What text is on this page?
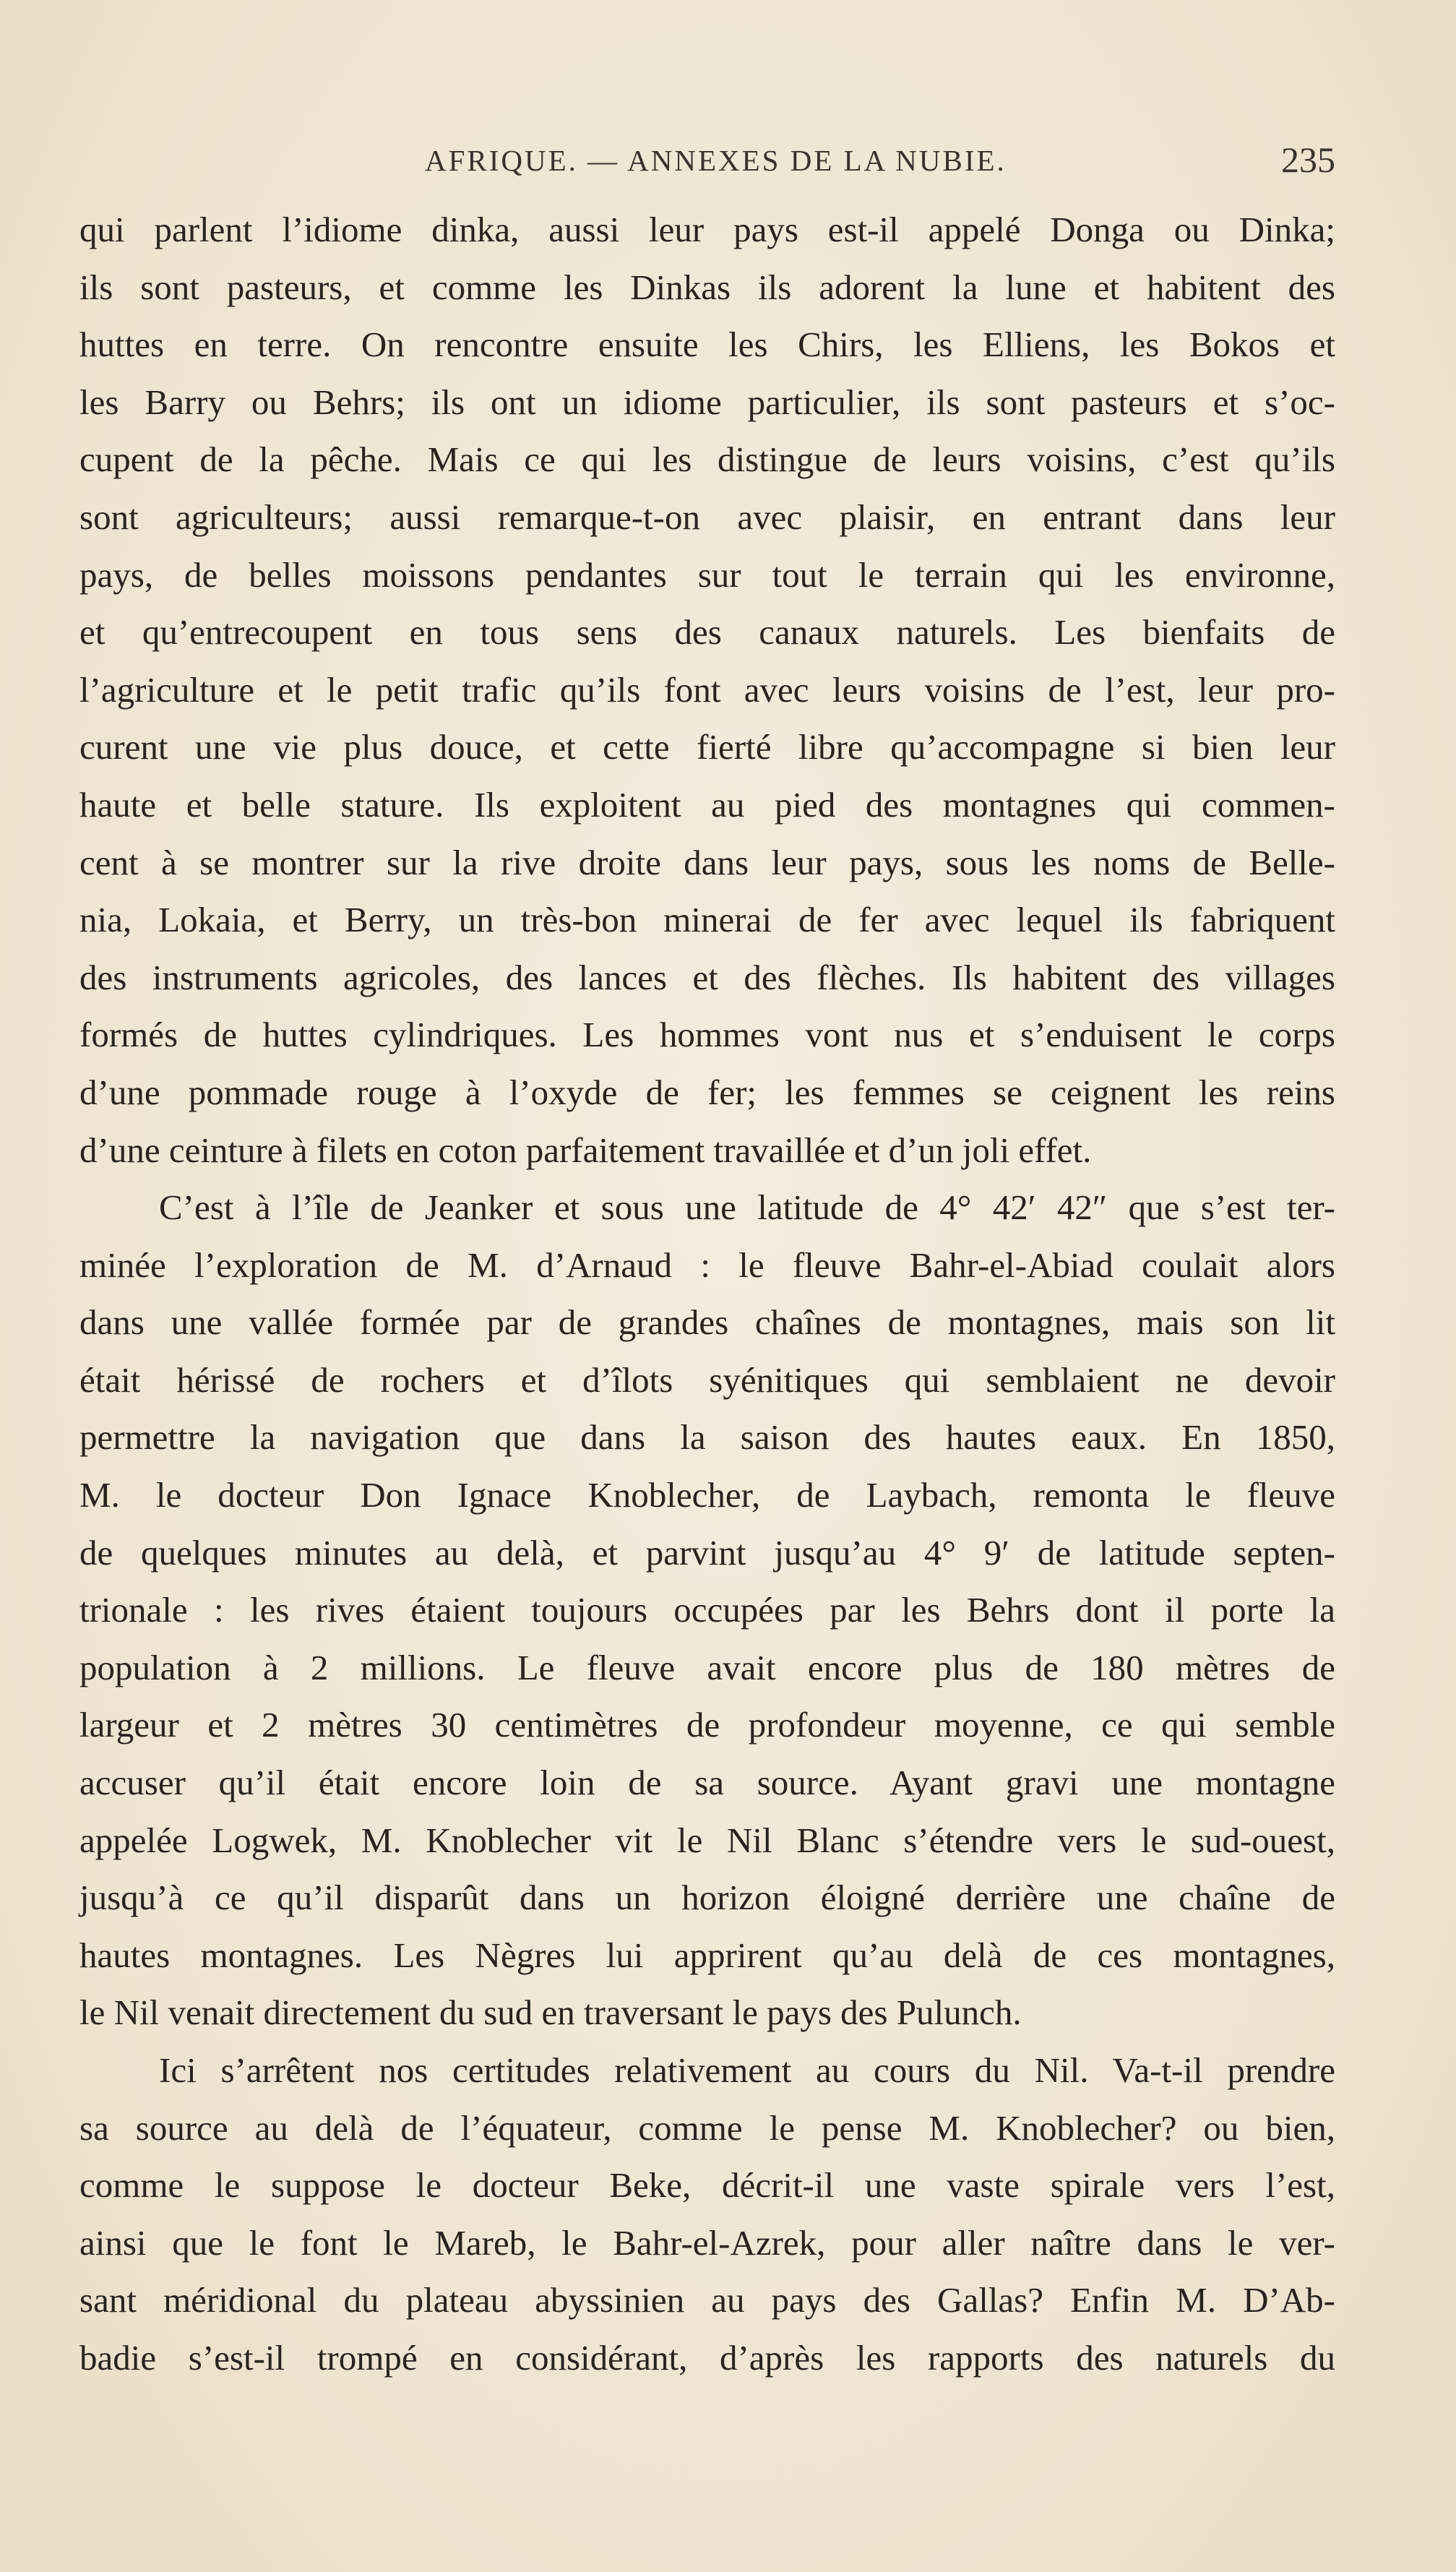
AFRIQUE. — ANNEXES DE LA NUBIE.	235
qui parlent l’idiome dinka, aussi leur pays est-il appelé Donga ou Dinka;
ils sont pasteurs, et comme les Dinkas ils adorent la lune et habitent des
huttes en terre. On rencontre ensuite les Chirs, les Elliens, les Bokos et
les Barry ou Behrs; ils ont un idiome particulier, ils sont pasteurs et s’oc-
cupent de la pêche. Mais ce qui les distingue de leurs voisins, c’est qu’ils
sont agriculteurs; aussi remarque-t-on avec plaisir, en entrant dans leur
pays, de belles moissons pendantes sur tout le terrain qui les environne,
et qu’entrecoupent en tous sens des canaux naturels. Les bienfaits de
l’agriculture et le petit trafic qu’ils font avec leurs voisins de l’est, leur pro-
curent une vie plus douce, et cette fierté libre qu’accompagne si bien leur
haute et belle stature. Ils exploitent au pied des montagnes qui commen-
cent à se montrer sur la rive droite dans leur pays, sous les noms de Belle-
nia, Lokaia, et Berry, un très-bon minerai de fer avec lequel ils fabriquent
des instruments agricoles, des lances et des flèches. Ils habitent des villages
formés de huttes cylindriques. Les hommes vont nus et s’enduisent le corps
d’une pommade rouge à l’oxyde de fer; les femmes se ceignent les reins
d’une ceinture à filets en coton parfaitement travaillée et d’un joli effet.
C’est à l’île de Jeanker et sous une latitude de 4° 42′ 42″ que s’est ter-
minée l’exploration de M. d’Arnaud : le fleuve Bahr-el-Abiad coulait alors
dans une vallée formée par de grandes chaînes de montagnes, mais son lit
était hérissé de rochers et d’îlots syénitiques qui semblaient ne devoir
permettre la navigation que dans la saison des hautes eaux. En 1850,
M. le docteur Don Ignace Knoblecher, de Laybach, remonta le fleuve
de quelques minutes au delà, et parvint jusqu’au 4° 9′ de latitude septen-
trionale : les rives étaient toujours occupées par les Behrs dont il porte la
population à 2 millions. Le fleuve avait encore plus de 180 mètres de
largeur et 2 mètres 30 centimètres de profondeur moyenne, ce qui semble
accuser qu’il était encore loin de sa source. Ayant gravi une montagne
appelée Logwek, M. Knoblecher vit le Nil Blanc s’étendre vers le sud-ouest,
jusqu’à ce qu’il disparût dans un horizon éloigné derrière une chaîne de
hautes montagnes. Les Nègres lui apprirent qu’au delà de ces montagnes,
le Nil venait directement du sud en traversant le pays des Pulunch.
Ici s’arrêtent nos certitudes relativement au cours du Nil. Va-t-il prendre
sa source au delà de l’équateur, comme le pense M. Knoblecher? ou bien,
comme le suppose le docteur Beke, décrit-il une vaste spirale vers l’est,
ainsi que le font le Mareb, le Bahr-el-Azrek, pour aller naître dans le ver-
sant méridional du plateau abyssinien au pays des Gallas? Enfin M. D’Ab-
badie s’est-il trompé en considérant, d’après les rapports des naturels du
